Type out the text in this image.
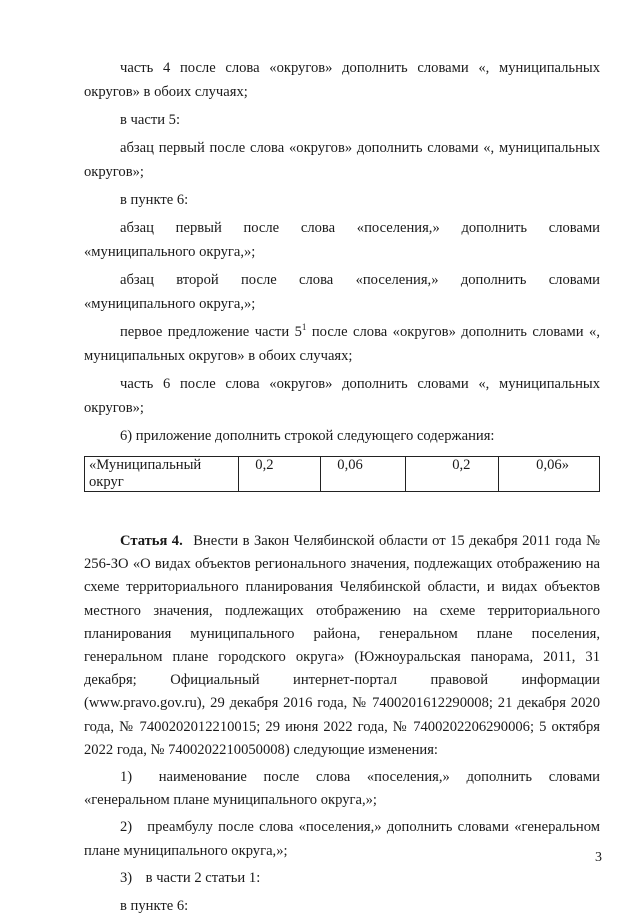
часть 4 после слова «округов» дополнить словами «, муниципальных округов» в обоих случаях;

в части 5:

абзац первый после слова «округов» дополнить словами «, муниципальных округов»;

в пункте 6:

абзац первый после слова «поселения,» дополнить словами «муниципального округа,»;

абзац второй после слова «поселения,» дополнить словами «муниципального округа,»;

первое предложение части $5^1$ после слова «округов» дополнить словами «, муниципальных округов» в обоих случаях;

часть 6 после слова «округов» дополнить словами «, муниципальных округов»;

6) приложение дополнить строкой следующего содержания:

«Муниципальный округ	0,2	0,06	0,2	0,06»

Статья 4. Внести в Закон Челябинской области от 15 декабря 2011 года № 256-ЗО «О видах объектов регионального значения, подлежащих отображению на схеме территориального планирования Челябинской области, и видах объектов местного значения, подлежащих отображению на схеме территориального планирования муниципального района, генеральном плане поселения, генеральном плане городского округа» (Южноуральская панорама, 2011, 31 декабря; Официальный интернет-портал правовой информации (www.pravo.gov.ru), 29 декабря 2016 года, № 7400201612290008; 21 декабря 2020 года, № 7400202012210015; 29 июня 2022 года, № 7400202206290006; 5 октября 2022 года, № 7400202210050008) следующие изменения:

1) наименование после слова «поселения,» дополнить словами «генеральном плане муниципального округа,»;

2) преамбулу после слова «поселения,» дополнить словами «генеральном плане муниципального округа,»;

3) в части 2 статьи 1:

в пункте 6:

3
